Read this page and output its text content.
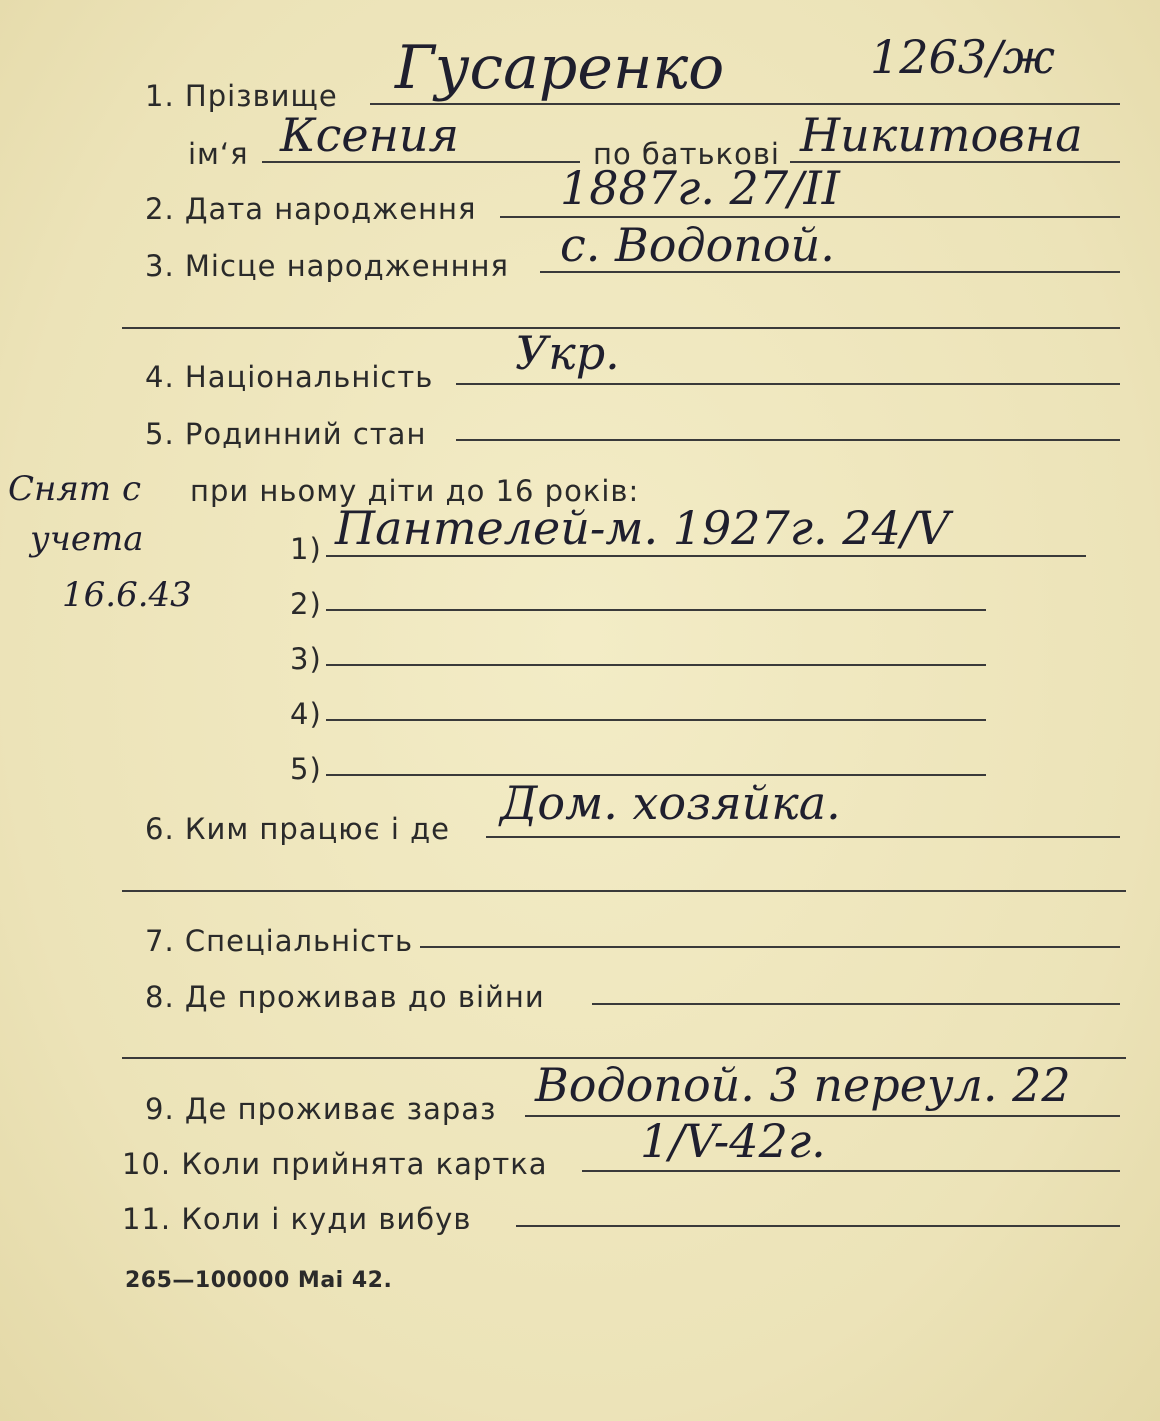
1. Прізвище Гусаренко	1263/ж
ім‘я Ксения	по батькові Никитовна
2. Дата народження 1887г. 27/II
3. Місце народженння с. Водопой.
4. Національність Укр.
5. Родинний стан
при ньому діти до 16 років:
Снят с
учета
16.6.43
1) Пантелей-м. 1927г. 24/V
2)
3)
4)
5)
6. Ким працює і де Дом. хозяйка.
7. Спеціальність
8. Де проживав до війни
9. Де проживає зараз Водопой. 3 переул. 22
10. Коли прийнята картка 1/V-42г.
11. Коли і куди вибув
265—100000 Mai 42.
